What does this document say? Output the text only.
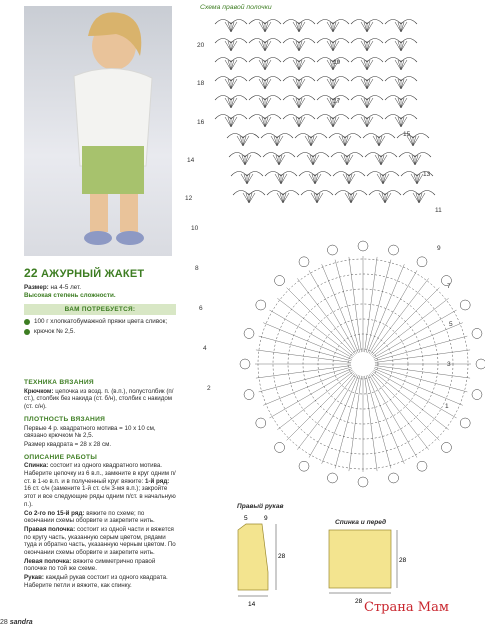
22 АЖУРНЫЙ ЖАКЕТ
Размер: на 4-5 лет.
Высокая степень сложности.
ВАМ ПОТРЕБУЕТСЯ:
100 г хлопкатобумажной пряжи цвета сливок;
крючок № 2,5.
ТЕХНИКА ВЯЗАНИЯ
Крючком: цепочка из возд. п. (в.п.), полустолбик (п/ст.), столбик без накида (ст. б/н), столбик с накидом (ст. с/н).
ПЛОТНОСТЬ ВЯЗАНИЯ
Первые 4 р. квадратного мотива = 10 х 10 см, связано крючком № 2,5.
Размер квадрата = 28 х 28 см.
ОПИСАНИЕ РАБОТЫ
Спинка: состоит из одного квадратного мотива. Наберите цепочку из 6 в.п., замкните в круг одним п/ст. в 1-ю в.п. и в полученный круг вяжите: 1-й ряд: 16 ст. с/н (замените 1-й ст. с/н 3-мя в.п.); закройте этот и все следующие ряды одним п/ст. в начальную п.).
Со 2-го по 15-й ряд: вяжите по схеме; по окончании схемы оборвите и закрепите нить.
Правая полочка: состоит из одной части и вяжется по кругу часть, указанную серым цветом, рядами туда и обратно часть, указанную черным цветом. По окончании схемы оборвите и закрепите нить.
Левая полочка: вяжите симметрично правой полочке по той же схеме.
Рукав: каждый рукав состоит из одного квадрата. Наберите петли и вяжите, как спинку.
Схема правой полочки
20
19
18
17
16
15
14
13
12
11
10
9
8
7
6
5
4
3
2
1
Правый рукав
5	9
28
14
Спинка и перед
28
28
28 sandra
Страна Мам
